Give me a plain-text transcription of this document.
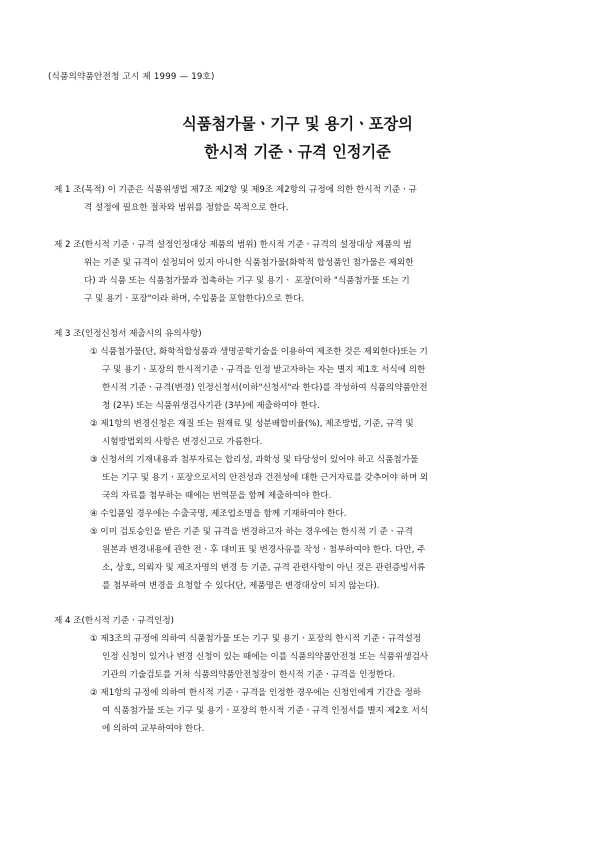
(식품의약품안전청 고시 제 1999 — 19호)
식품첨가물ㆍ기구 및 용기ㆍ포장의
한시적 기준ㆍ규격 인정기준
제 1 조(목적) 이 기준은 식품위생법 제7조 제2항 및 제9조 제2항의 규정에 의한 한시적 기준ㆍ규
격 설정에 필요한 절차와 범위를 정함을 목적으로 한다.
제 2 조(한시적 기준ㆍ규격 설정인정대상 제품의 범위) 한시적 기준ㆍ규격의 설정대상 제품의 범
위는 기준 및 규격이 설정되어 있지 아니한 식품첨가물(화학적 합성품인 첨가물은 제외한
다) 과 식품 또는 식품첨가물과 접촉하는 기구 및 용기ㆍ 포장(이하 "식품첨가물 또는 기
구 및 용기ㆍ포장"이라 하며, 수입품을 포함한다)으로 한다.
제 3 조(인정신청서 제출시의 유의사항)
① 식품첨가물(단, 화학적합성품과 생명공학기술을 이용하여 제조한 것은 제외한다)또는 기
구 및 용기ㆍ포장의 한시적기준ㆍ규격을 인정 받고자하는 자는 별지 제1호 서식에 의한
한시적 기준ㆍ규격(변경) 인정신청서(이하"신청서"라 한다)를 작성하여 식품의약품안전
청 (2부) 또는 식품위생검사기관 (3부)에 제출하여야 한다.
② 제1항의 변경신청은 재질 또는 원재료 및 성분배합비율(%), 제조방법, 기준, 규격 및
시험방법외의 사항은 변경신고로 가름한다.
③ 신청서의 기재내용과 첨부자료는 합리성, 과학성 및 타당성이 있어야 하고 식품첨가물
또는 기구 및 용기ㆍ포장으로서의 안전성과 건전성에 대한 근거자료를 갖추어야 하며 외
국의 자료를 첨부하는 때에는 번역문을 함께 제출하여야 한다.
④ 수입품일 경우에는 수출국명, 제조업소명을 함께 기재하여야 한다.
⑤ 이미 검토승인을 받은 기준 및 규격을 변경하고자 하는 경우에는 한시적 기 준ㆍ규격
원본과 변경내용에 관한 전ㆍ후 대비표 및 변경사유를 작성ㆍ첨부하여야 한다. 다만, 주
소, 상호, 의뢰자 및 제조자명의 변경 등 기준, 규격 관련사항이 아닌 것은 관련증빙서류
를 첨부하여 변경을 요청할 수 있다(단, 제품명은 변경대상이 되지 않는다).
제 4 조(한시적 기준ㆍ규격인정)
① 제3조의 규정에 의하여 식품첨가물 또는 기구 및 용기ㆍ포장의 한시적 기준ㆍ규격설정
인정 신청이 있거나 변경 신청이 있는 때에는 이를 식품의약품안전청 또는 식품위생검사
기관의 기술검토를 거쳐 식품의약품안전청장이 한시적 기준ㆍ규격을 인정한다.
② 제1항의 규정에 의하여 한시적 기준ㆍ규격을 인정한 경우에는 신청인에게 기간을 정하
여 식품첨가물 또는 기구 및 용기ㆍ포장의 한시적 기준ㆍ규격 인정서를 별지 제2호 서식
에 의하여 교부하여야 한다.
